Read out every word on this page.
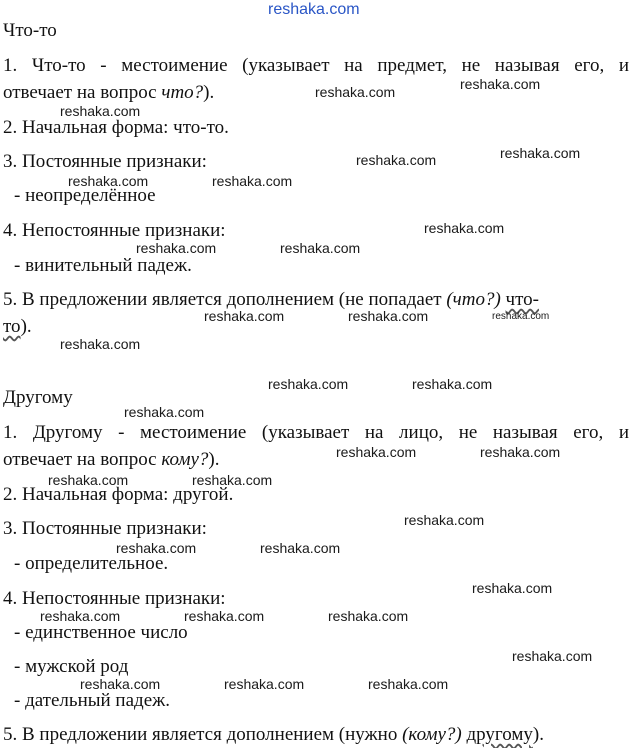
Что-то
1. Что-то - местоимение (указывает на предмет, не называя его, и
отвечает на вопрос что?).
2. Начальная форма: что-то.
3. Постоянные признаки:
- неопределённое
4. Непостоянные признаки:
- винительный падеж.
5. В предложении является дополнением (не попадает (что?) что-
то).
Другому
1. Другому - местоимение (указывает на лицо, не называя его, и
отвечает на вопрос кому?).
2. Начальная форма: другой.
3. Постоянные признаки:
- определительное.
4. Непостоянные признаки:
- единственное число
- мужской род
- дательный падеж.
5. В предложении является дополнением (нужно (кому?) другому).
reshaka.com
reshaka.com	reshaka.com
reshaka.com
reshaka.com	reshaka.com
reshaka.com	reshaka.com
reshaka.com
reshaka.com	reshaka.com
reshaka.com	reshaka.com	reshaka.com
reshaka.com
reshaka.com	reshaka.com
reshaka.com
reshaka.com	reshaka.com
reshaka.com	reshaka.com
reshaka.com
reshaka.com	reshaka.com
reshaka.com
reshaka.com	reshaka.com	reshaka.com
reshaka.com
reshaka.com	reshaka.com	reshaka.com
